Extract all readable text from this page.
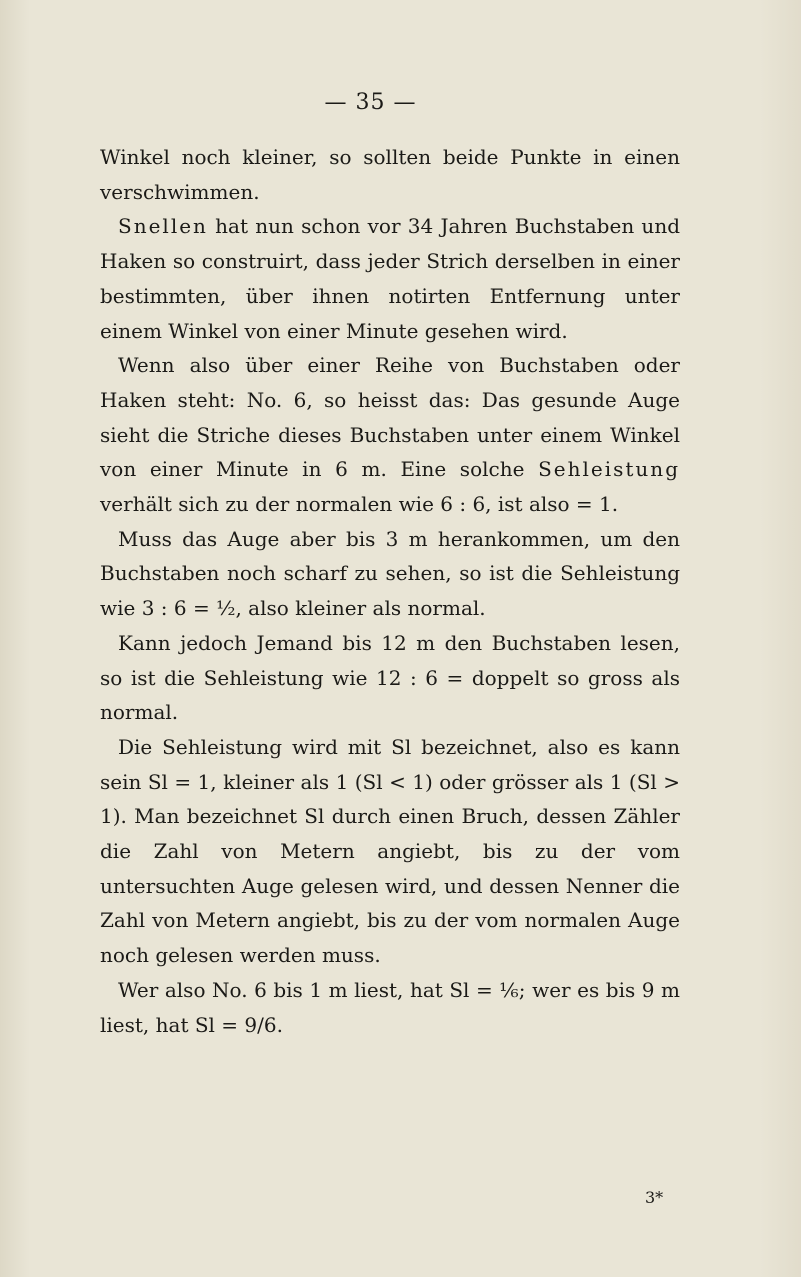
— 35 —

Winkel noch kleiner, so sollten beide Punkte in einen verschwimmen.

Snellen hat nun schon vor 34 Jahren Buchstaben und Haken so construirt, dass jeder Strich derselben in einer bestimmten, über ihnen notirten Entfernung unter einem Winkel von einer Minute gesehen wird.

Wenn also über einer Reihe von Buchstaben oder Haken steht: No. 6, so heisst das: Das gesunde Auge sieht die Striche dieses Buchstaben unter einem Winkel von einer Minute in 6 m. Eine solche Sehleistung verhält sich zu der normalen wie 6 : 6, ist also = 1.

Muss das Auge aber bis 3 m herankommen, um den Buchstaben noch scharf zu sehen, so ist die Sehleistung wie 3 : 6 = ½, also kleiner als normal.

Kann jedoch Jemand bis 12 m den Buchstaben lesen, so ist die Sehleistung wie 12 : 6 = doppelt so gross als normal.

Die Sehleistung wird mit Sl bezeichnet, also es kann sein Sl = 1, kleiner als 1 (Sl < 1) oder grösser als 1 (Sl > 1). Man bezeichnet Sl durch einen Bruch, dessen Zähler die Zahl von Metern angiebt, bis zu der vom untersuchten Auge gelesen wird, und dessen Nenner die Zahl von Metern angiebt, bis zu der vom normalen Auge noch gelesen werden muss.

Wer also No. 6 bis 1 m liest, hat Sl = ⅙; wer es bis 9 m liest, hat Sl = 9/6.

3*
